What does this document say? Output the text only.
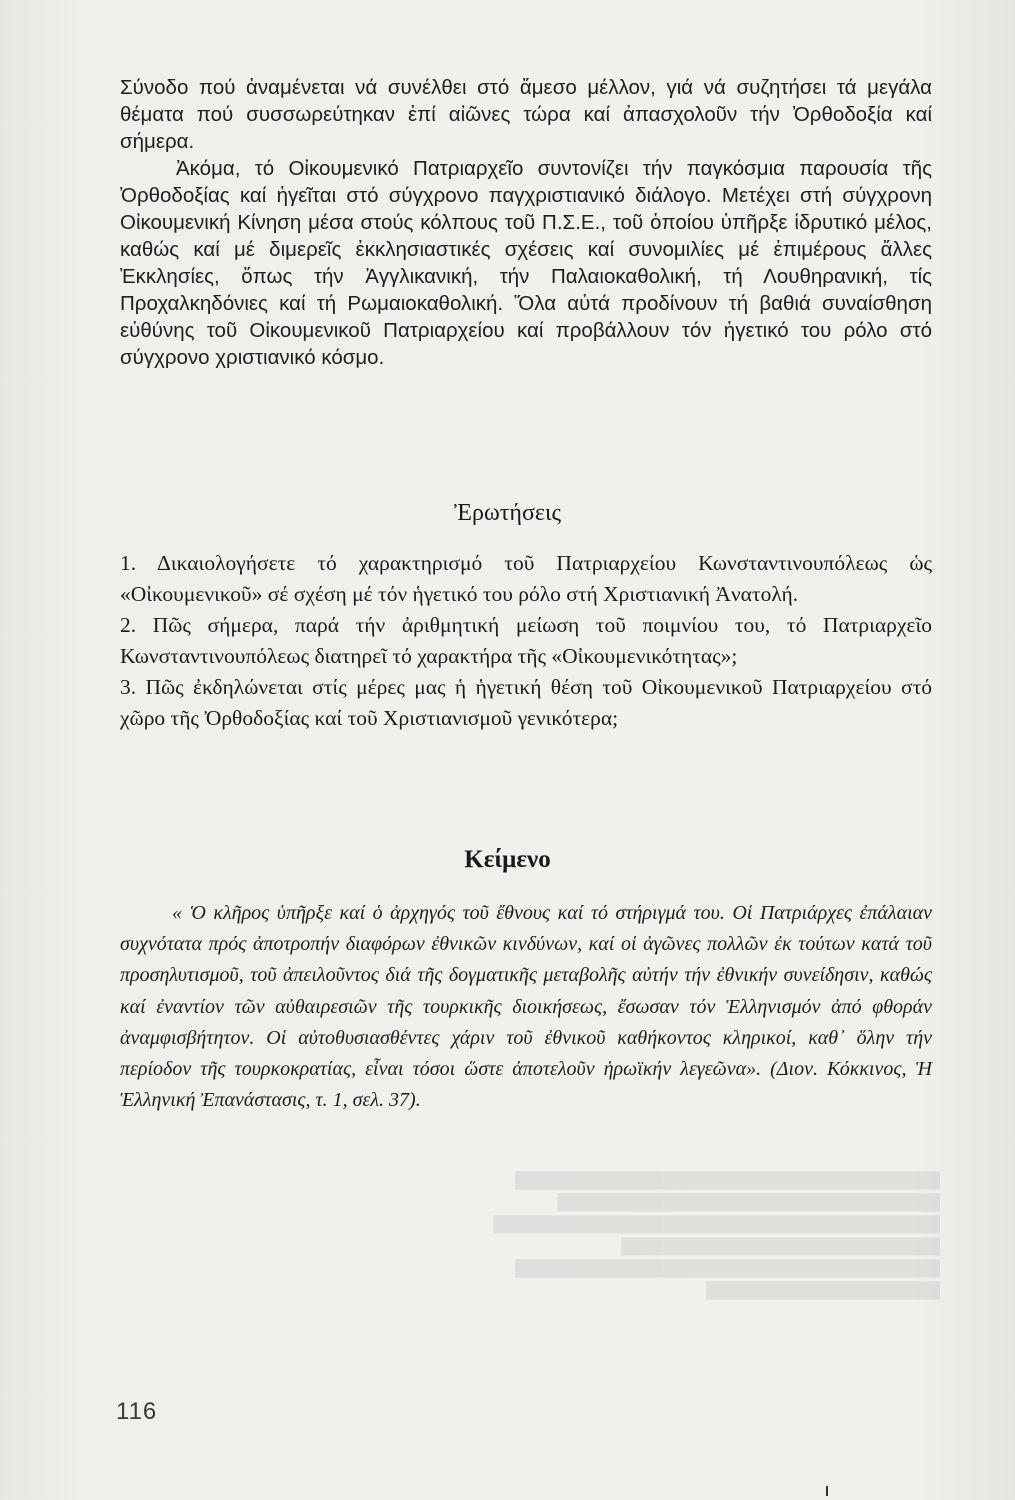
████████████████████████████████████████
████████████████████████████████████
██████████████████████████████████████████
██████████████████████████████
████████████████████████████████████████
██████████████████████

Σύνοδο πού ἀναμένεται νά συνέλθει στό ἄμεσο μέλλον, γιά νά συζητήσει τά μεγάλα θέματα πού συσσωρεύτηκαν ἐπί αἰῶνες τώρα καί ἀπασχολοῦν τήν Ὀρθοδοξία καί σήμερα.

Ἀκόμα, τό Οἰκουμενικό Πατριαρχεῖο συντονίζει τήν παγκόσμια παρουσία τῆς Ὀρθοδοξίας καί ἡγεῖται στό σύγχρονο παγχριστιανικό διάλογο. Μετέχει στή σύγχρονη Οἰκουμενική Κίνηση μέσα στούς κόλπους τοῦ Π.Σ.Ε., τοῦ ὁποίου ὑπῆρξε ἱδρυτικό μέλος, καθώς καί μέ διμερεῖς ἐκκλησιαστικές σχέσεις καί συνομιλίες μέ ἐπιμέρους ἄλλες Ἐκκλησίες, ὅπως τήν Ἀγγλικανική, τήν Παλαιοκαθολική, τή Λουθηρανική, τίς Προχαλκηδόνιες καί τή Ρωμαιοκαθολική. Ὅλα αὐτά προδίνουν τή βαθιά συναίσθηση εὐθύνης τοῦ Οἰκουμενικοῦ Πατριαρχείου καί προβάλλουν τόν ἡγετικό του ρόλο στό σύγχρονο χριστιανικό κόσμο.

Ἐρωτήσεις

1. Δικαιολογήσετε τό χαρακτηρισμό τοῦ Πατριαρχείου Κωνσταντινουπόλεως ὡς «Οἰκουμενικοῦ» σέ σχέση μέ τόν ἡγετικό του ρόλο στή Χριστιανική Ἀνατολή.

2. Πῶς σήμερα, παρά τήν ἀριθμητική μείωση τοῦ ποιμνίου του, τό Πατριαρχεῖο Κωνσταντινουπόλεως διατηρεῖ τό χαρακτήρα τῆς «Οἰκουμενικότητας»;

3. Πῶς ἐκδηλώνεται στίς μέρες μας ἡ ἡγετική θέση τοῦ Οἰκουμενικοῦ Πατριαρχείου στό χῶρο τῆς Ὀρθοδοξίας καί τοῦ Χριστιανισμοῦ γενικότερα;

Κείμενο
« Ὁ κλῆρος ὑπῆρξε καί ὁ ἀρχηγός τοῦ ἔθνους καί τό στήριγμά του. Οἱ Πατριάρχες ἐπάλαιαν συχνότατα πρός ἀποτροπήν διαφόρων ἐθνικῶν κινδύνων, καί οἱ ἀγῶνες πολλῶν ἐκ τούτων κατά τοῦ προσηλυτισμοῦ, τοῦ ἀπειλοῦντος διά τῆς δογματικῆς μεταβολῆς αὐτήν τήν ἐθνικήν συνείδησιν, καθώς καί ἐναντίον τῶν αὐθαιρεσιῶν τῆς τουρκικῆς διοικήσεως, ἔσωσαν τόν Ἑλληνισμόν ἀπό φθοράν ἀναμφισβήτητον. Οἱ αὐτοθυσιασθέντες χάριν τοῦ ἐθνικοῦ καθήκοντος κληρικοί, καθ᾽ ὅλην τήν περίοδον τῆς τουρκοκρατίας, εἶναι τόσοι ὥστε ἀποτελοῦν ἡρωϊκήν λεγεῶνα». (Διον. Κόκκινος, Ἡ Ἑλληνική Ἐπανάστασις, τ. 1, σελ. 37).
116
